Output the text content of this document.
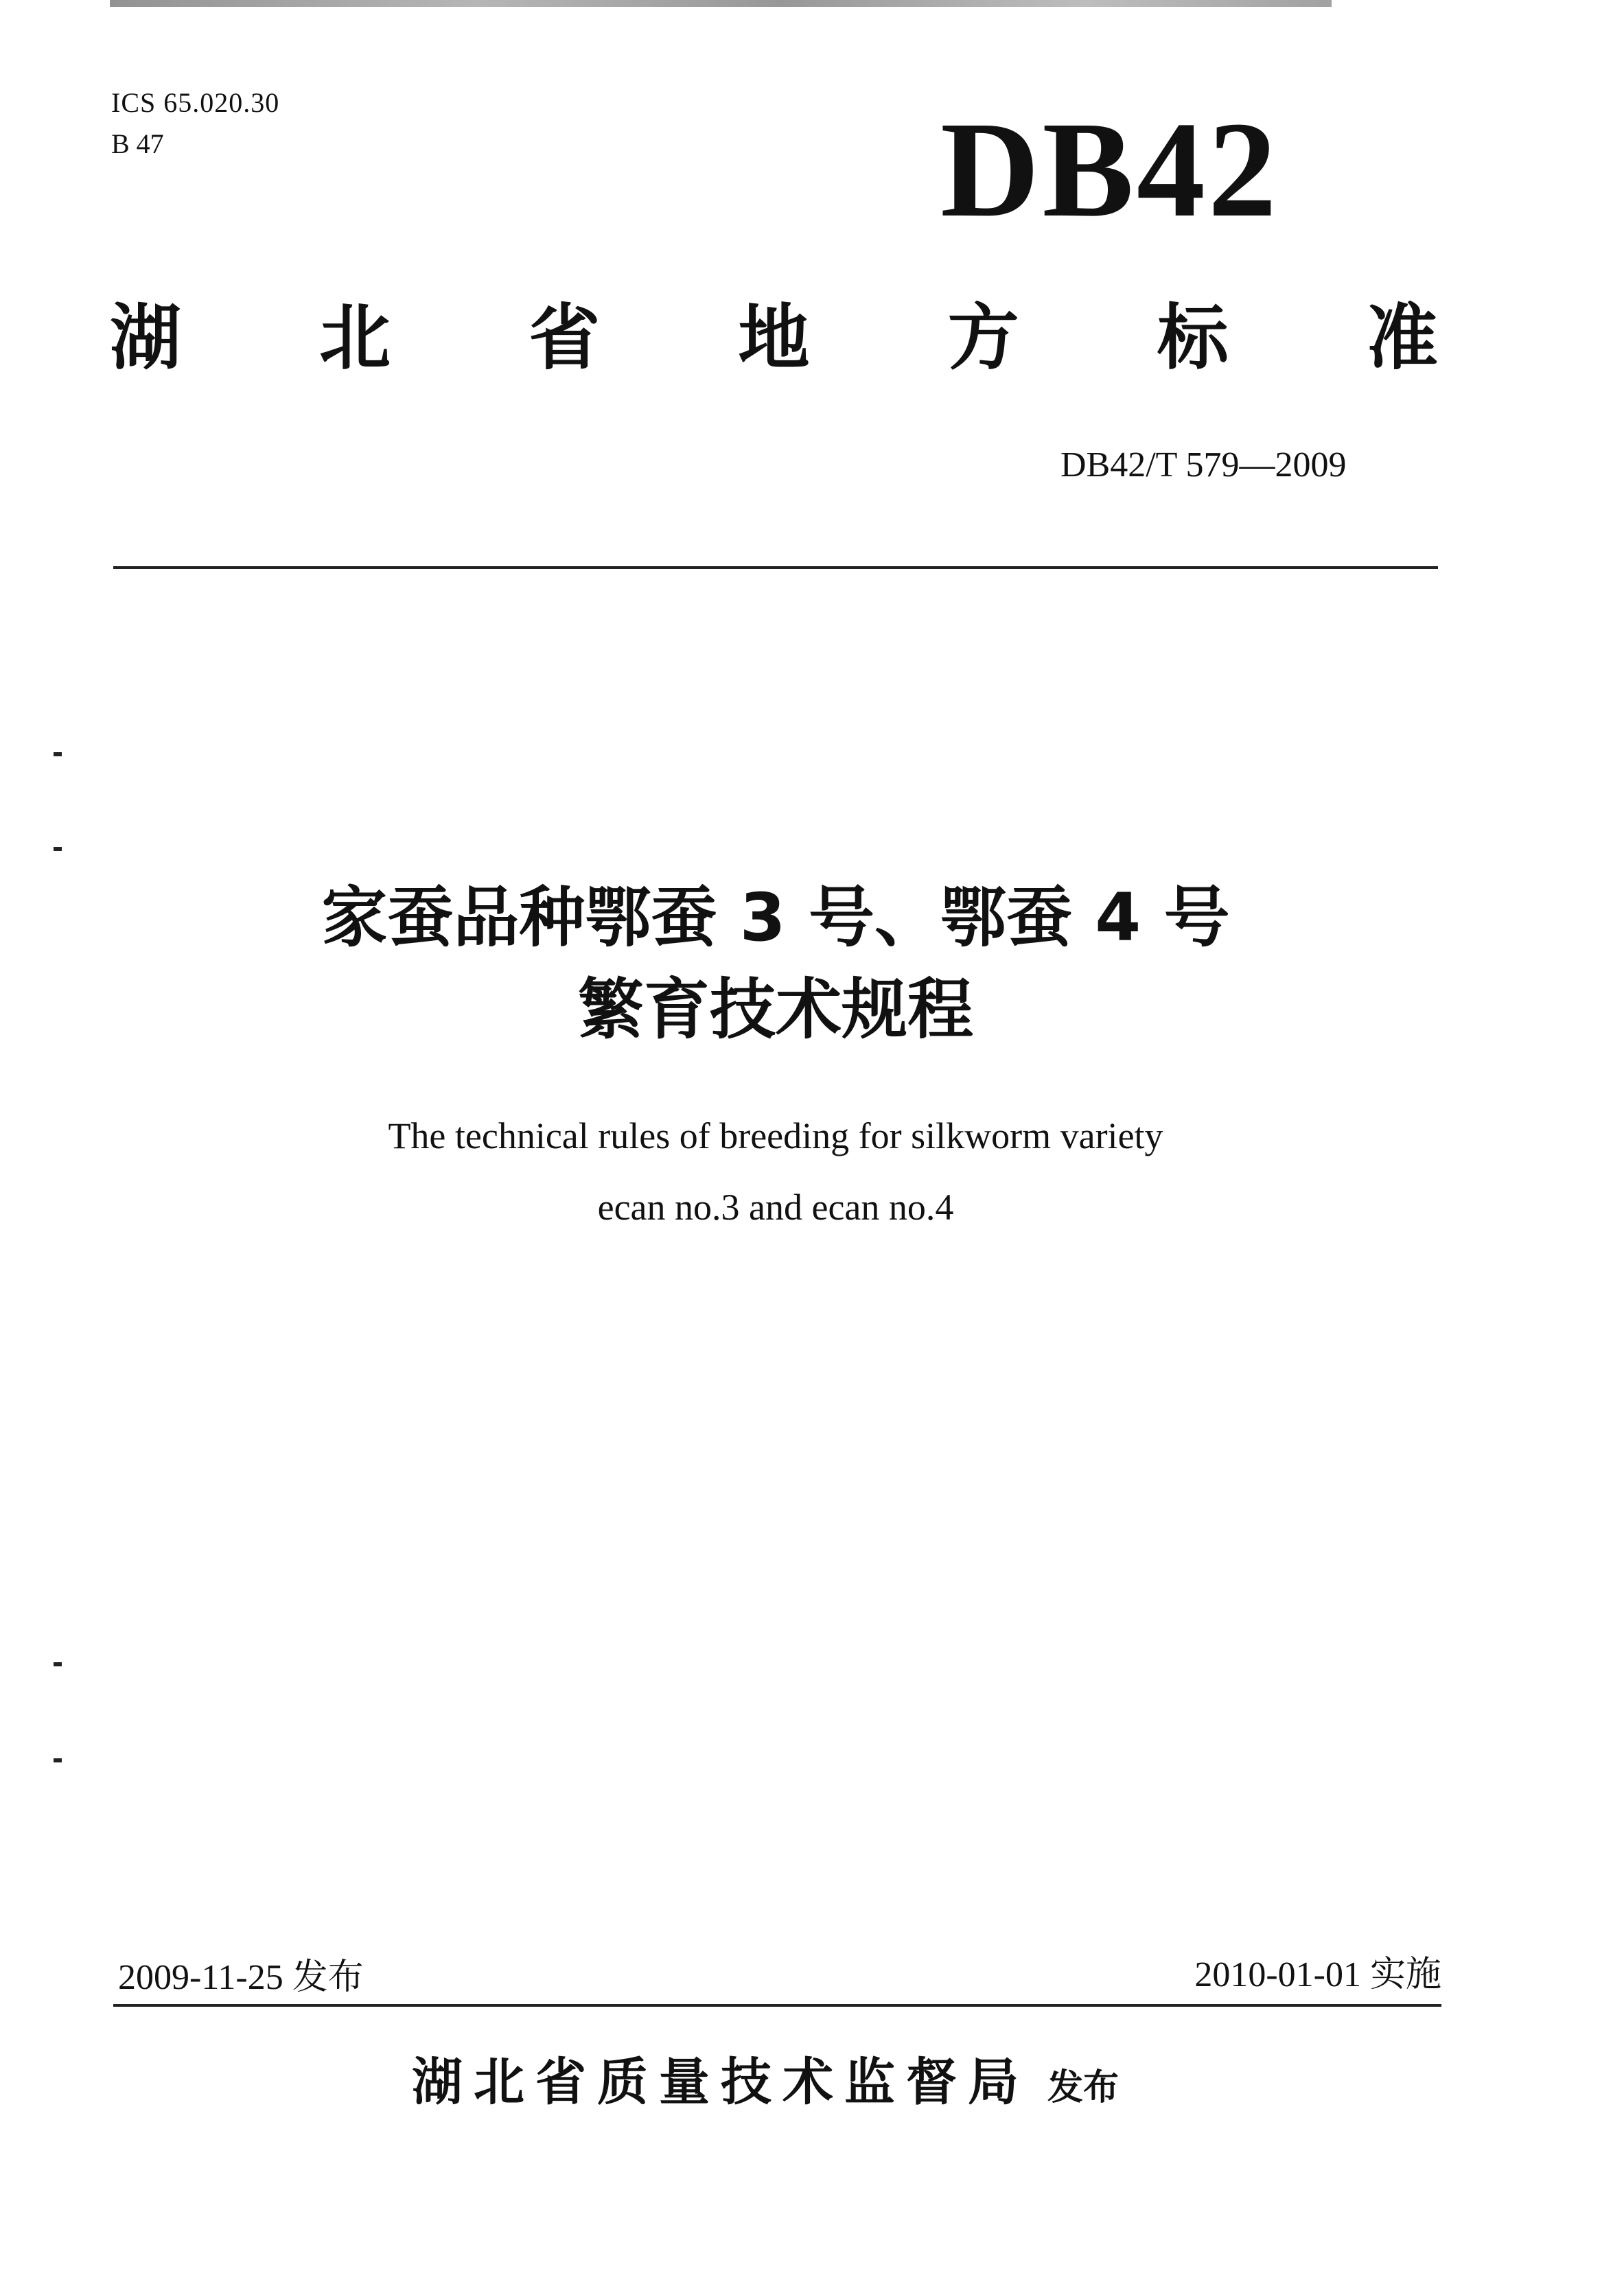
ICS 65.020.30
B 47	DB42
湖 北 省 地 方 标 准
DB42/T 579—2009
家蚕品种鄂蚕 3 号、鄂蚕 4 号
繁育技术规程
The technical rules of breeding for silkworm variety
ecan no.3 and ecan no.4
2009-11-25 发布	2010-01-01 实施
湖北省质量技术监督局 发布
